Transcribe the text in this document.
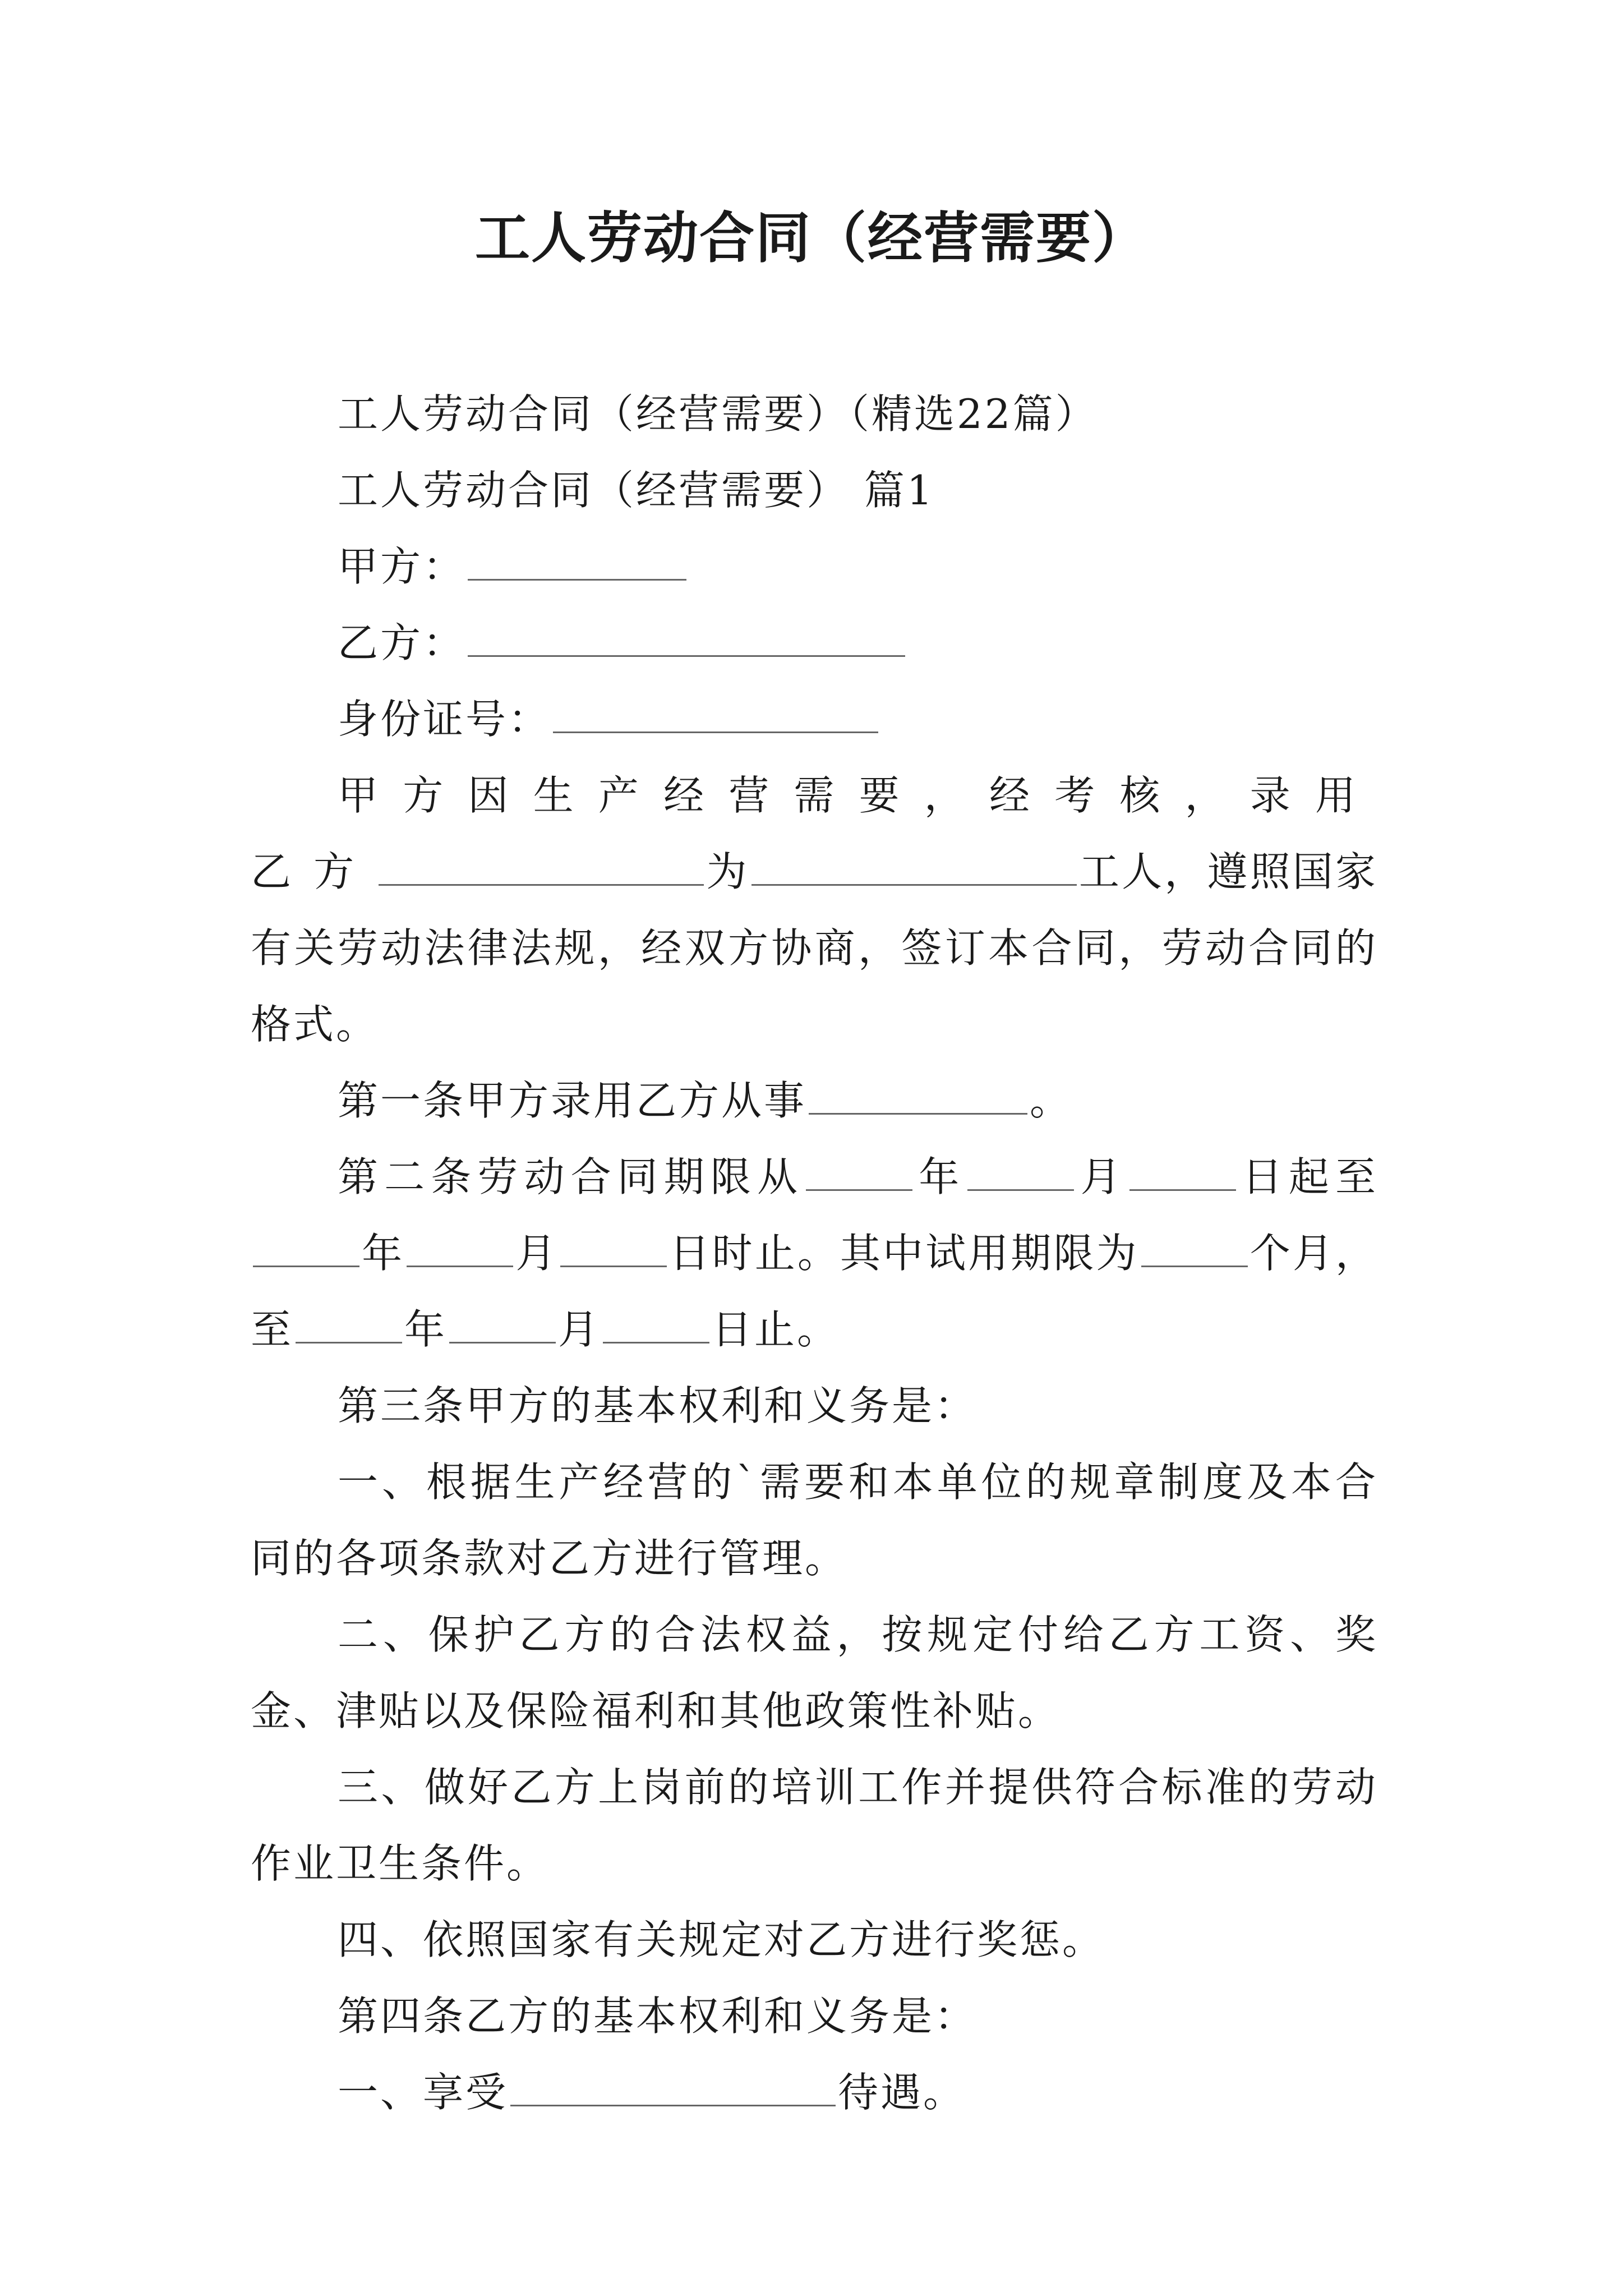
工人劳动合同（经营需要）

工人劳动合同（经营需要）（精选22篇）

工人劳动合同（经营需要） 篇1

甲方：

乙方：

身份证号：

甲方因生产经营需要，经考核，录用乙方	为	工人，遵照国家有关劳动法律法规，经双方协商，签订本合同，劳动合同的格式。

第一条甲方录用乙方从事	。

第二条劳动合同期限从	年	月	日起至年	月	日时止。其中试用期限为	个月，至	年	月	日止。

第三条甲方的基本权利和义务是：

一、根据生产经营的`需要和本单位的规章制度及本合同的各项条款对乙方进行管理。

二、保护乙方的合法权益，按规定付给乙方工资、奖金、津贴以及保险福利和其他政策性补贴。

三、做好乙方上岗前的培训工作并提供符合标准的劳动作业卫生条件。

四、依照国家有关规定对乙方进行奖惩。

第四条乙方的基本权利和义务是：

一、享受	待遇。
